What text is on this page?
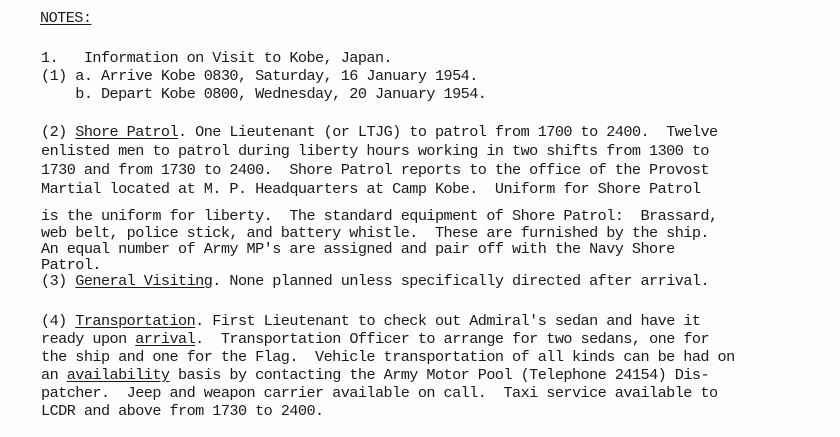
NOTES:

1.   Information on Visit to Kobe, Japan.

(1) a. Arrive Kobe 0830, Saturday, 16 January 1954.

b. Depart Kobe 0800, Wednesday, 20 January 1954.

(2) Shore Patrol. One Lieutenant (or LTJG) to patrol from 1700 to 2400.  Twelve

enlisted men to patrol during liberty hours working in two shifts from 1300 to

1730 and from 1730 to 2400.  Shore Patrol reports to the office of the Provost

Martial located at M. P. Headquarters at Camp Kobe.  Uniform for Shore Patrol

is the uniform for liberty.  The standard equipment of Shore Patrol:  Brassard,

web belt, police stick, and battery whistle.  These are furnished by the ship.

An equal number of Army MP's are assigned and pair off with the Navy Shore

Patrol.

(3) General Visiting. None planned unless specifically directed after arrival.

(4) Transportation. First Lieutenant to check out Admiral's sedan and have it

ready upon arrival.  Transportation Officer to arrange for two sedans, one for

the ship and one for the Flag.  Vehicle transportation of all kinds can be had on

an availability basis by contacting the Army Motor Pool (Telephone 24154) Dis-

patcher.  Jeep and weapon carrier available on call.  Taxi service available to

LCDR and above from 1730 to 2400.
